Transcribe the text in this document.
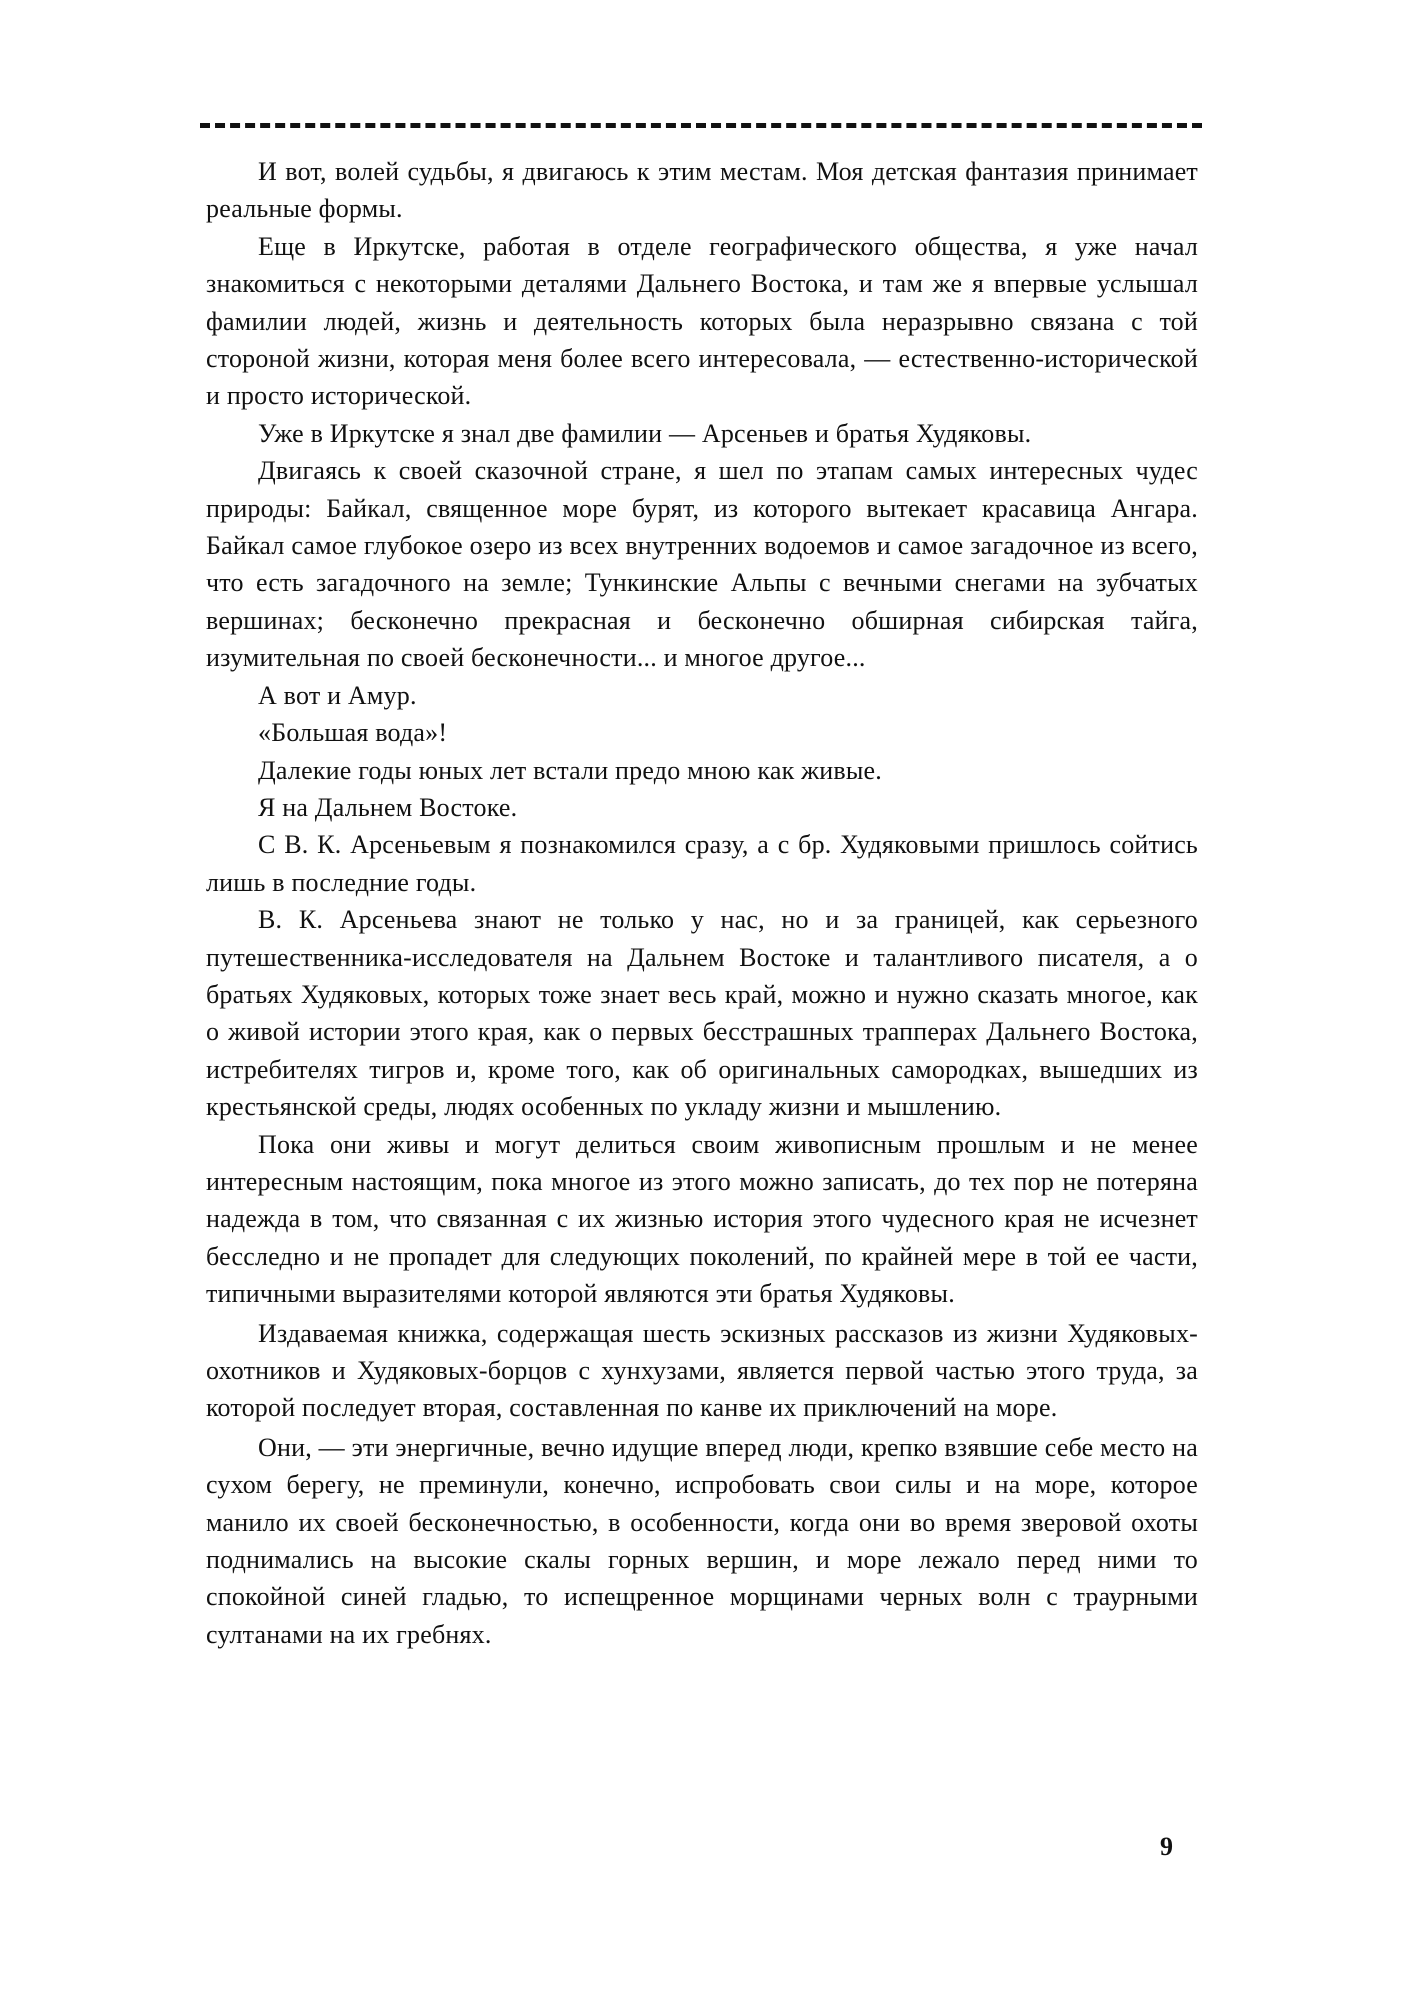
И вот, волей судьбы, я двигаюсь к этим местам. Моя детская фантазия принимает реальные формы.

Еще в Иркутске, работая в отделе географического общества, я уже начал знакомиться с некоторыми деталями Дальнего Востока, и там же я впервые услышал фамилии людей, жизнь и деятельность которых была неразрывно связана с той стороной жизни, которая меня более всего интересовала, — естественно-исторической и просто исторической.

Уже в Иркутске я знал две фамилии — Арсеньев и братья Худяковы.

Двигаясь к своей сказочной стране, я шел по этапам самых интересных чудес природы: Байкал, священное море бурят, из которого вытекает красавица Ангара. Байкал самое глубокое озеро из всех внутренних водоемов и самое загадочное из всего, что есть загадочного на земле; Тункинские Альпы с вечными снегами на зубчатых вершинах; бесконечно прекрасная и бесконечно обширная сибирская тайга, изумительная по своей бесконечности... и многое другое...

А вот и Амур.

«Большая вода»!

Далекие годы юных лет встали предо мною как живые.

Я на Дальнем Востоке.

С В. К. Арсеньевым я познакомился сразу, а с бр. Худяковыми пришлось сойтись лишь в последние годы.

В. К. Арсеньева знают не только у нас, но и за границей, как серьезного путешественника-исследователя на Дальнем Востоке и талантливого писателя, а о братьях Худяковых, которых тоже знает весь край, можно и нужно сказать многое, как о живой истории этого края, как о первых бесстрашных трапперах Дальнего Востока, истребителях тигров и, кроме того, как об оригинальных самородках, вышедших из крестьянской среды, людях особенных по укладу жизни и мышлению.

Пока они живы и могут делиться своим живописным прошлым и не менее интересным настоящим, пока многое из этого можно записать, до тех пор не потеряна надежда в том, что связанная с их жизнью история этого чудесного края не исчезнет бесследно и не пропадет для следующих поколений, по крайней мере в той ее части, типичными выразителями которой являются эти братья Худяковы.

Издаваемая книжка, содержащая шесть эскизных рассказов из жизни Худяковых-охотников и Худяковых-борцов с хунхузами, является первой частью этого труда, за которой последует вторая, составленная по канве их приключений на море.

Они, — эти энергичные, вечно идущие вперед люди, крепко взявшие себе место на сухом берегу, не преминули, конечно, испробовать свои силы и на море, которое манило их своей бесконечностью, в особенности, когда они во время зверовой охоты поднимались на высокие скалы горных вершин, и море лежало перед ними то спокойной синей гладью, то испещренное морщинами черных волн с траурными султанами на их гребнях.

9
